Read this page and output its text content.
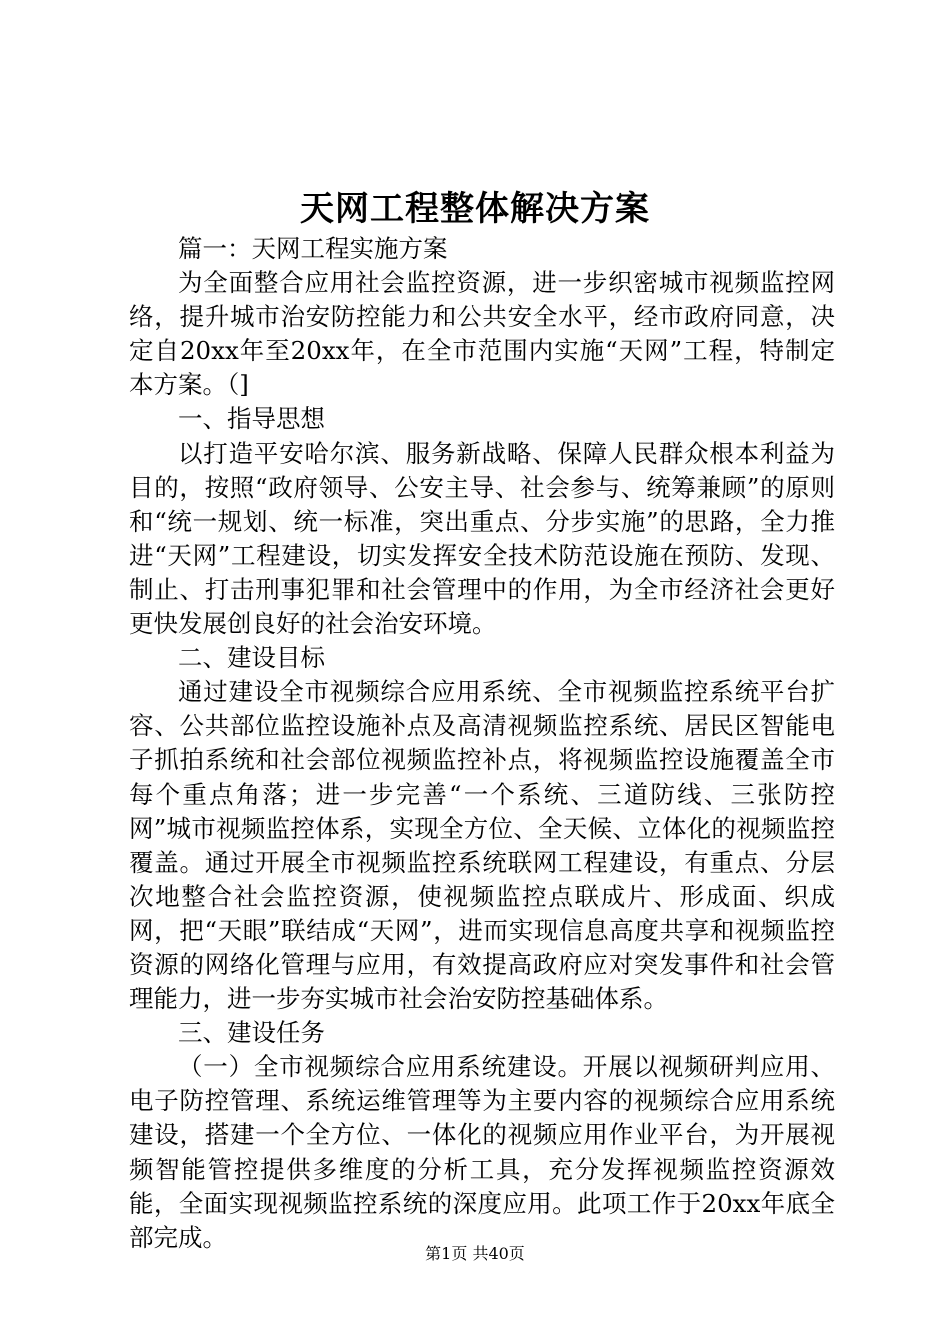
天网工程整体解决方案

篇一：天网工程实施方案

为全面整合应用社会监控资源，进一步织密城市视频监控网络，提升城市治安防控能力和公共安全水平，经市政府同意，决定自20xx年至20xx年，在全市范围内实施“天网”工程，特制定本方案。（]

一、指导思想

以打造平安哈尔滨、服务新战略、保障人民群众根本利益为目的，按照“政府领导、公安主导、社会参与、统筹兼顾”的原则和“统一规划、统一标准，突出重点、分步实施”的思路，全力推进“天网”工程建设，切实发挥安全技术防范设施在预防、发现、制止、打击刑事犯罪和社会管理中的作用，为全市经济社会更好更快发展创良好的社会治安环境。

二、建设目标

通过建设全市视频综合应用系统、全市视频监控系统平台扩容、公共部位监控设施补点及高清视频监控系统、居民区智能电子抓拍系统和社会部位视频监控补点，将视频监控设施覆盖全市每个重点角落；进一步完善“一个系统、三道防线、三张防控网”城市视频监控体系，实现全方位、全天候、立体化的视频监控覆盖。通过开展全市视频监控系统联网工程建设，有重点、分层次地整合社会监控资源，使视频监控点联成片、形成面、织成网，把“天眼”联结成“天网”，进而实现信息高度共享和视频监控资源的网络化管理与应用，有效提高政府应对突发事件和社会管理能力，进一步夯实城市社会治安防控基础体系。

三、建设任务

（一）全市视频综合应用系统建设。开展以视频研判应用、电子防控管理、系统运维管理等为主要内容的视频综合应用系统建设，搭建一个全方位、一体化的视频应用作业平台，为开展视频智能管控提供多维度的分析工具，充分发挥视频监控资源效能，全面实现视频监控系统的深度应用。此项工作于20xx年底全部完成。

第1页 共40页
